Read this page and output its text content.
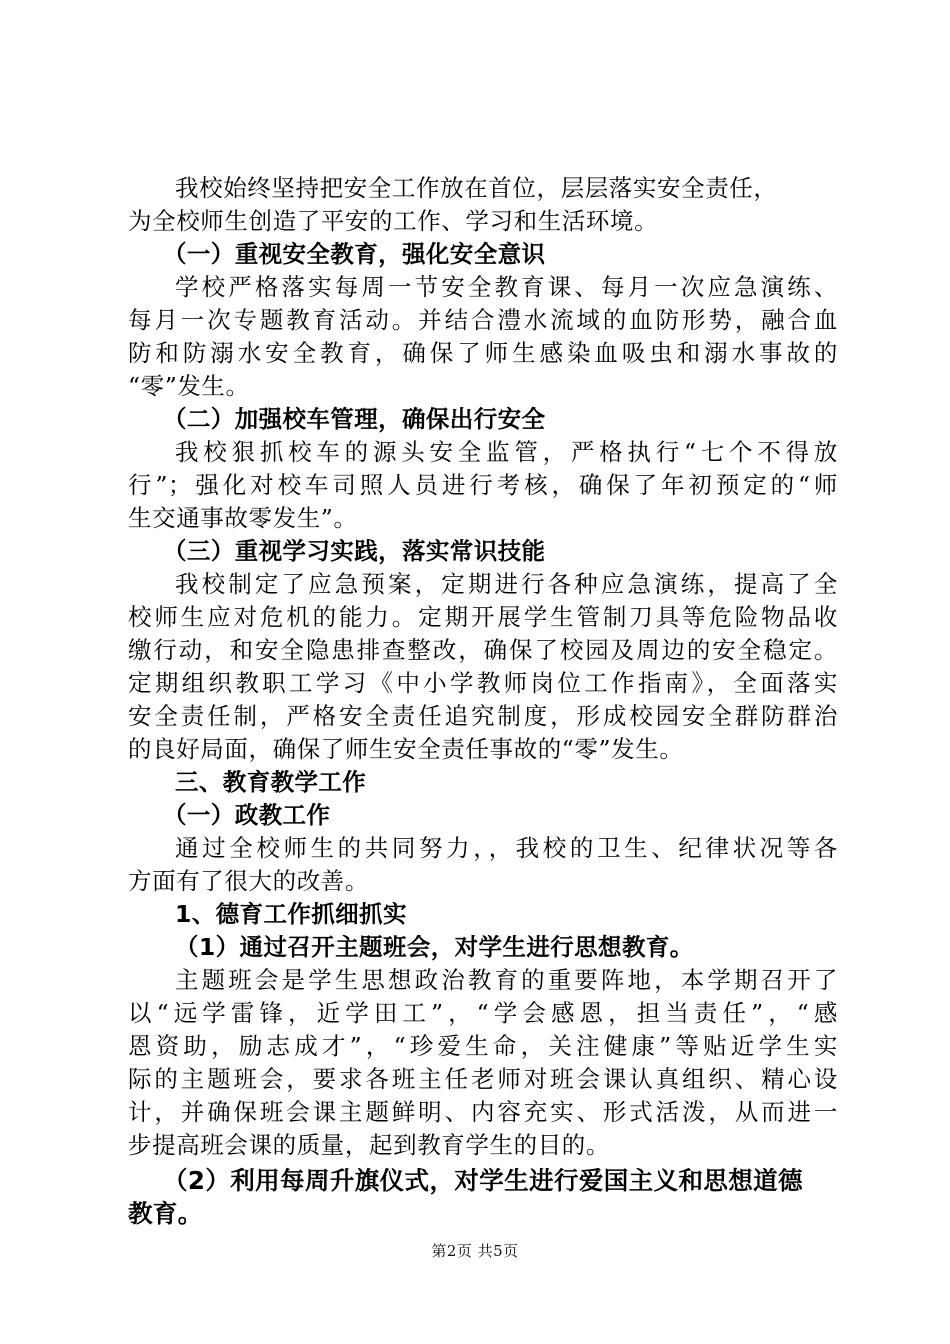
我校始终坚持把安全工作放在首位，层层落实安全责任，
为全校师生创造了平安的工作、学习和生活环境。
（一）重视安全教育，强化安全意识
学校严格落实每周一节安全教育课、每月一次应急演练、
每月一次专题教育活动。并结合澧水流域的血防形势，融合血
防和防溺水安全教育，确保了师生感染血吸虫和溺水事故的
“零”发生。
（二）加强校车管理，确保出行安全
我校狠抓校车的源头安全监管，严格执行“七个不得放
行”；强化对校车司照人员进行考核，确保了年初预定的“师
生交通事故零发生”。
（三）重视学习实践，落实常识技能
我校制定了应急预案，定期进行各种应急演练，提高了全
校师生应对危机的能力。定期开展学生管制刀具等危险物品收
缴行动，和安全隐患排查整改，确保了校园及周边的安全稳定。
定期组织教职工学习《中小学教师岗位工作指南》，全面落实
安全责任制，严格安全责任追究制度，形成校园安全群防群治
的良好局面，确保了师生安全责任事故的“零”发生。
三、教育教学工作
（一）政教工作
通过全校师生的共同努力，，我校的卫生、纪律状况等各
方面有了很大的改善。
1、德育工作抓细抓实
（1）通过召开主题班会，对学生进行思想教育。
主题班会是学生思想政治教育的重要阵地，本学期召开了
以“远学雷锋，近学田工”，“学会感恩，担当责任”，“感
恩资助，励志成才”，“珍爱生命，关注健康”等贴近学生实
际的主题班会，要求各班主任老师对班会课认真组织、精心设
计，并确保班会课主题鲜明、内容充实、形式活泼，从而进一
步提高班会课的质量，起到教育学生的目的。
（2）利用每周升旗仪式，对学生进行爱国主义和思想道德
教育。
第2页 共5页
